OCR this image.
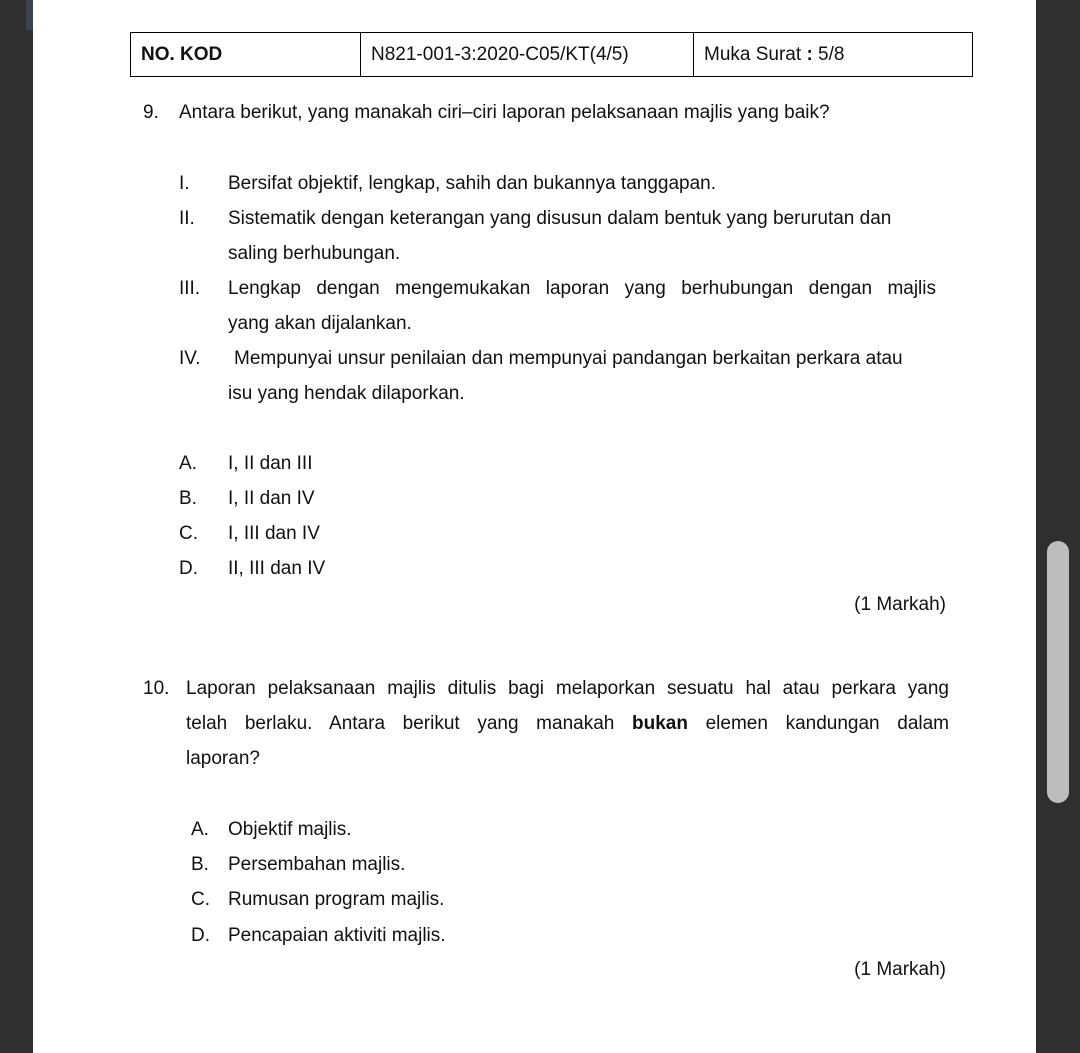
NO. KOD	N821-001-3:2020-C05/KT(4/5)	Muka Surat : 5/8
9. Antara berikut, yang manakah ciri–ciri laporan pelaksanaan majlis yang baik?
I. Bersifat objektif, lengkap, sahih dan bukannya tanggapan.
II. Sistematik dengan keterangan yang disusun dalam bentuk yang berurutan dan
saling berhubungan.
III. Lengkap dengan mengemukakan laporan yang berhubungan dengan majlis
yang akan dijalankan.
IV. Mempunyai unsur penilaian dan mempunyai pandangan berkaitan perkara atau
isu yang hendak dilaporkan.
A. I, II dan III
B. I, II dan IV
C. I, III dan IV
D. II, III dan IV
(1 Markah)
10. Laporan pelaksanaan majlis ditulis bagi melaporkan sesuatu hal atau perkara yang
telah berlaku. Antara berikut yang manakah bukan elemen kandungan dalam
laporan?
A. Objektif majlis.
B. Persembahan majlis.
C. Rumusan program majlis.
D. Pencapaian aktiviti majlis.
(1 Markah)
